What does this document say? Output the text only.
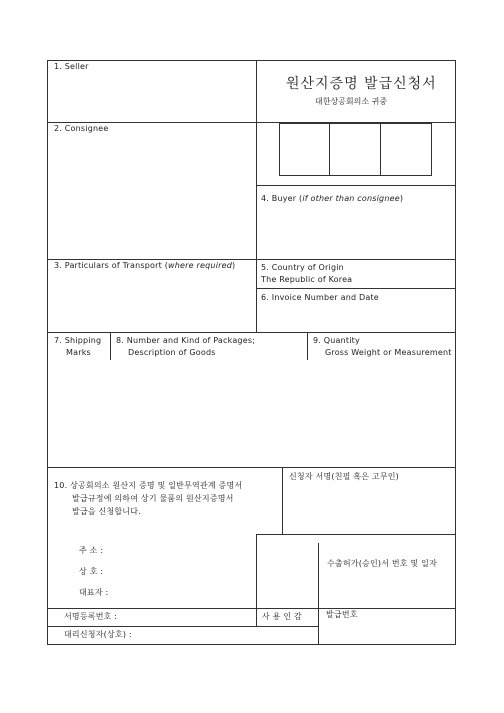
원산지증명 발급신청서
대한상공회의소 귀중
1. Seller
2. Consignee
3. Particulars of Transport (where required)
4. Buyer (if other than consignee)
5. Country of Origin
The Republic of Korea
6. Invoice Number and Date
7. Shipping
Marks
8. Number and Kind of Packages;
Description of Goods
9. Quantity
Gross Weight or Measurement
10. 상공회의소 원산지 증명 및 일반무역관계 증명서
발급규정에 의하여 상기 물품의 원산지증명서
발급을 신청합니다.
신청자 서명(친필 혹은 고무인)
주 소 :
상 호 :
대표자 :
수출허가(승인)서 번호 및 일자
서명등록번호 :	사 용 인 감	발급번호
대리신청자(상호) :
